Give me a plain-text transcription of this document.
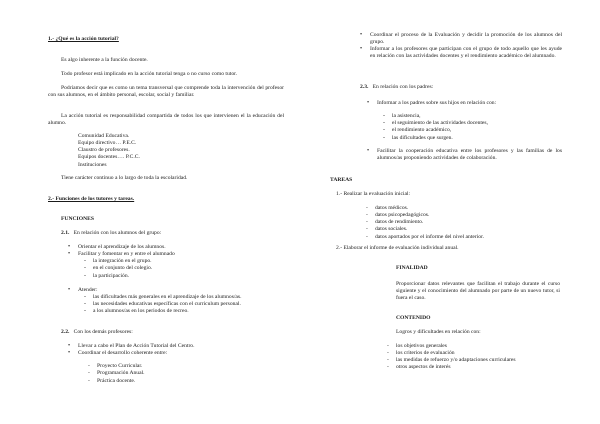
1.- ¿Qué es la acción tutorial?

Es algo inherente a la función docente.

Todo profesor está implicado en la acción tutorial tenga o no curso como tutor.

Podríamos decir que es como un tema transversal que comprende toda la intervención del profesor con sus alumnos, en el ámbito personal, escolar, social y familiar.

La acción tutorial es responsabilidad compartida de todos los que intervienen el la educación del alumno.

Comunidad Educativa.

Equipo directivo… P.E.C.

Claustro de profesores.

Equipos docentes…. P.C.C.

Instituciones

Tiene carácter continuo a lo largo de toda la escolaridad.

2.- Funciones de los tutores y tareas.

FUNCIONES

2.1. En relación con los alumnos del grupo:

• Orientar el aprendizaje de los alumnos.
• Facilitar y fomentar en y entre el alumnado
- la integración en el grupo.
- en el conjunto del colegio.
- la participación.
• Atender:
- las dificultades más generales en el aprendizaje de los alumnos/as.
- las necesidades educativas específicas con el curriculum personal.
- a los alumnos/as en los periodos de recreo.

2.2. Con los demás profesores:

• Llevar a cabo el Plan de Acción Tutorial del Centro.
• Coordinar el desarrollo coherente entre:
- Proyecto Curricular.
- Programación Anual.
- Práctica docente.
• Coordinar el proceso de la Evaluación y decidir la promoción de los alumnos del grupo.
• Informar a los profesores que participan con el grupo de todo aquello que les ayude en relación con las actividades docentes y el rendimiento académico del alumnado.

2.3. En relación con los padres:

• Informar a los padres sobre sus hijos en relación con:
- la asistencia,
- el seguimiento de las actividades docentes,
- el rendimiento académico,
- las dificultades que surgen.
• Facilitar la cooperación educativa entre los profesores y las familias de los alumnos/as proponiendo actividades de colaboración.

TAREAS

1.- Realizar la evaluación inicial:

- datos médicos.
- datos psicopedagógicos.
- datos de rendimiento.
- datos sociales.
- datos aportados por el informe del nivel anterior.

2.- Elaborar el informe de evaluación individual anual.

FINALIDAD

Proporcionar datos relevantes que facilitan el trabajo durante el curso siguiente y el conocimiento del alumnado por parte de un nuevo tutor, si fuera el caso.

CONTENIDO

Logros y dificultades en relación con:

- los objetivos generales
- los criterios de evaluación
- las medidas de refuerzo y/o adaptaciones curriculares
- otros aspectos de interés
